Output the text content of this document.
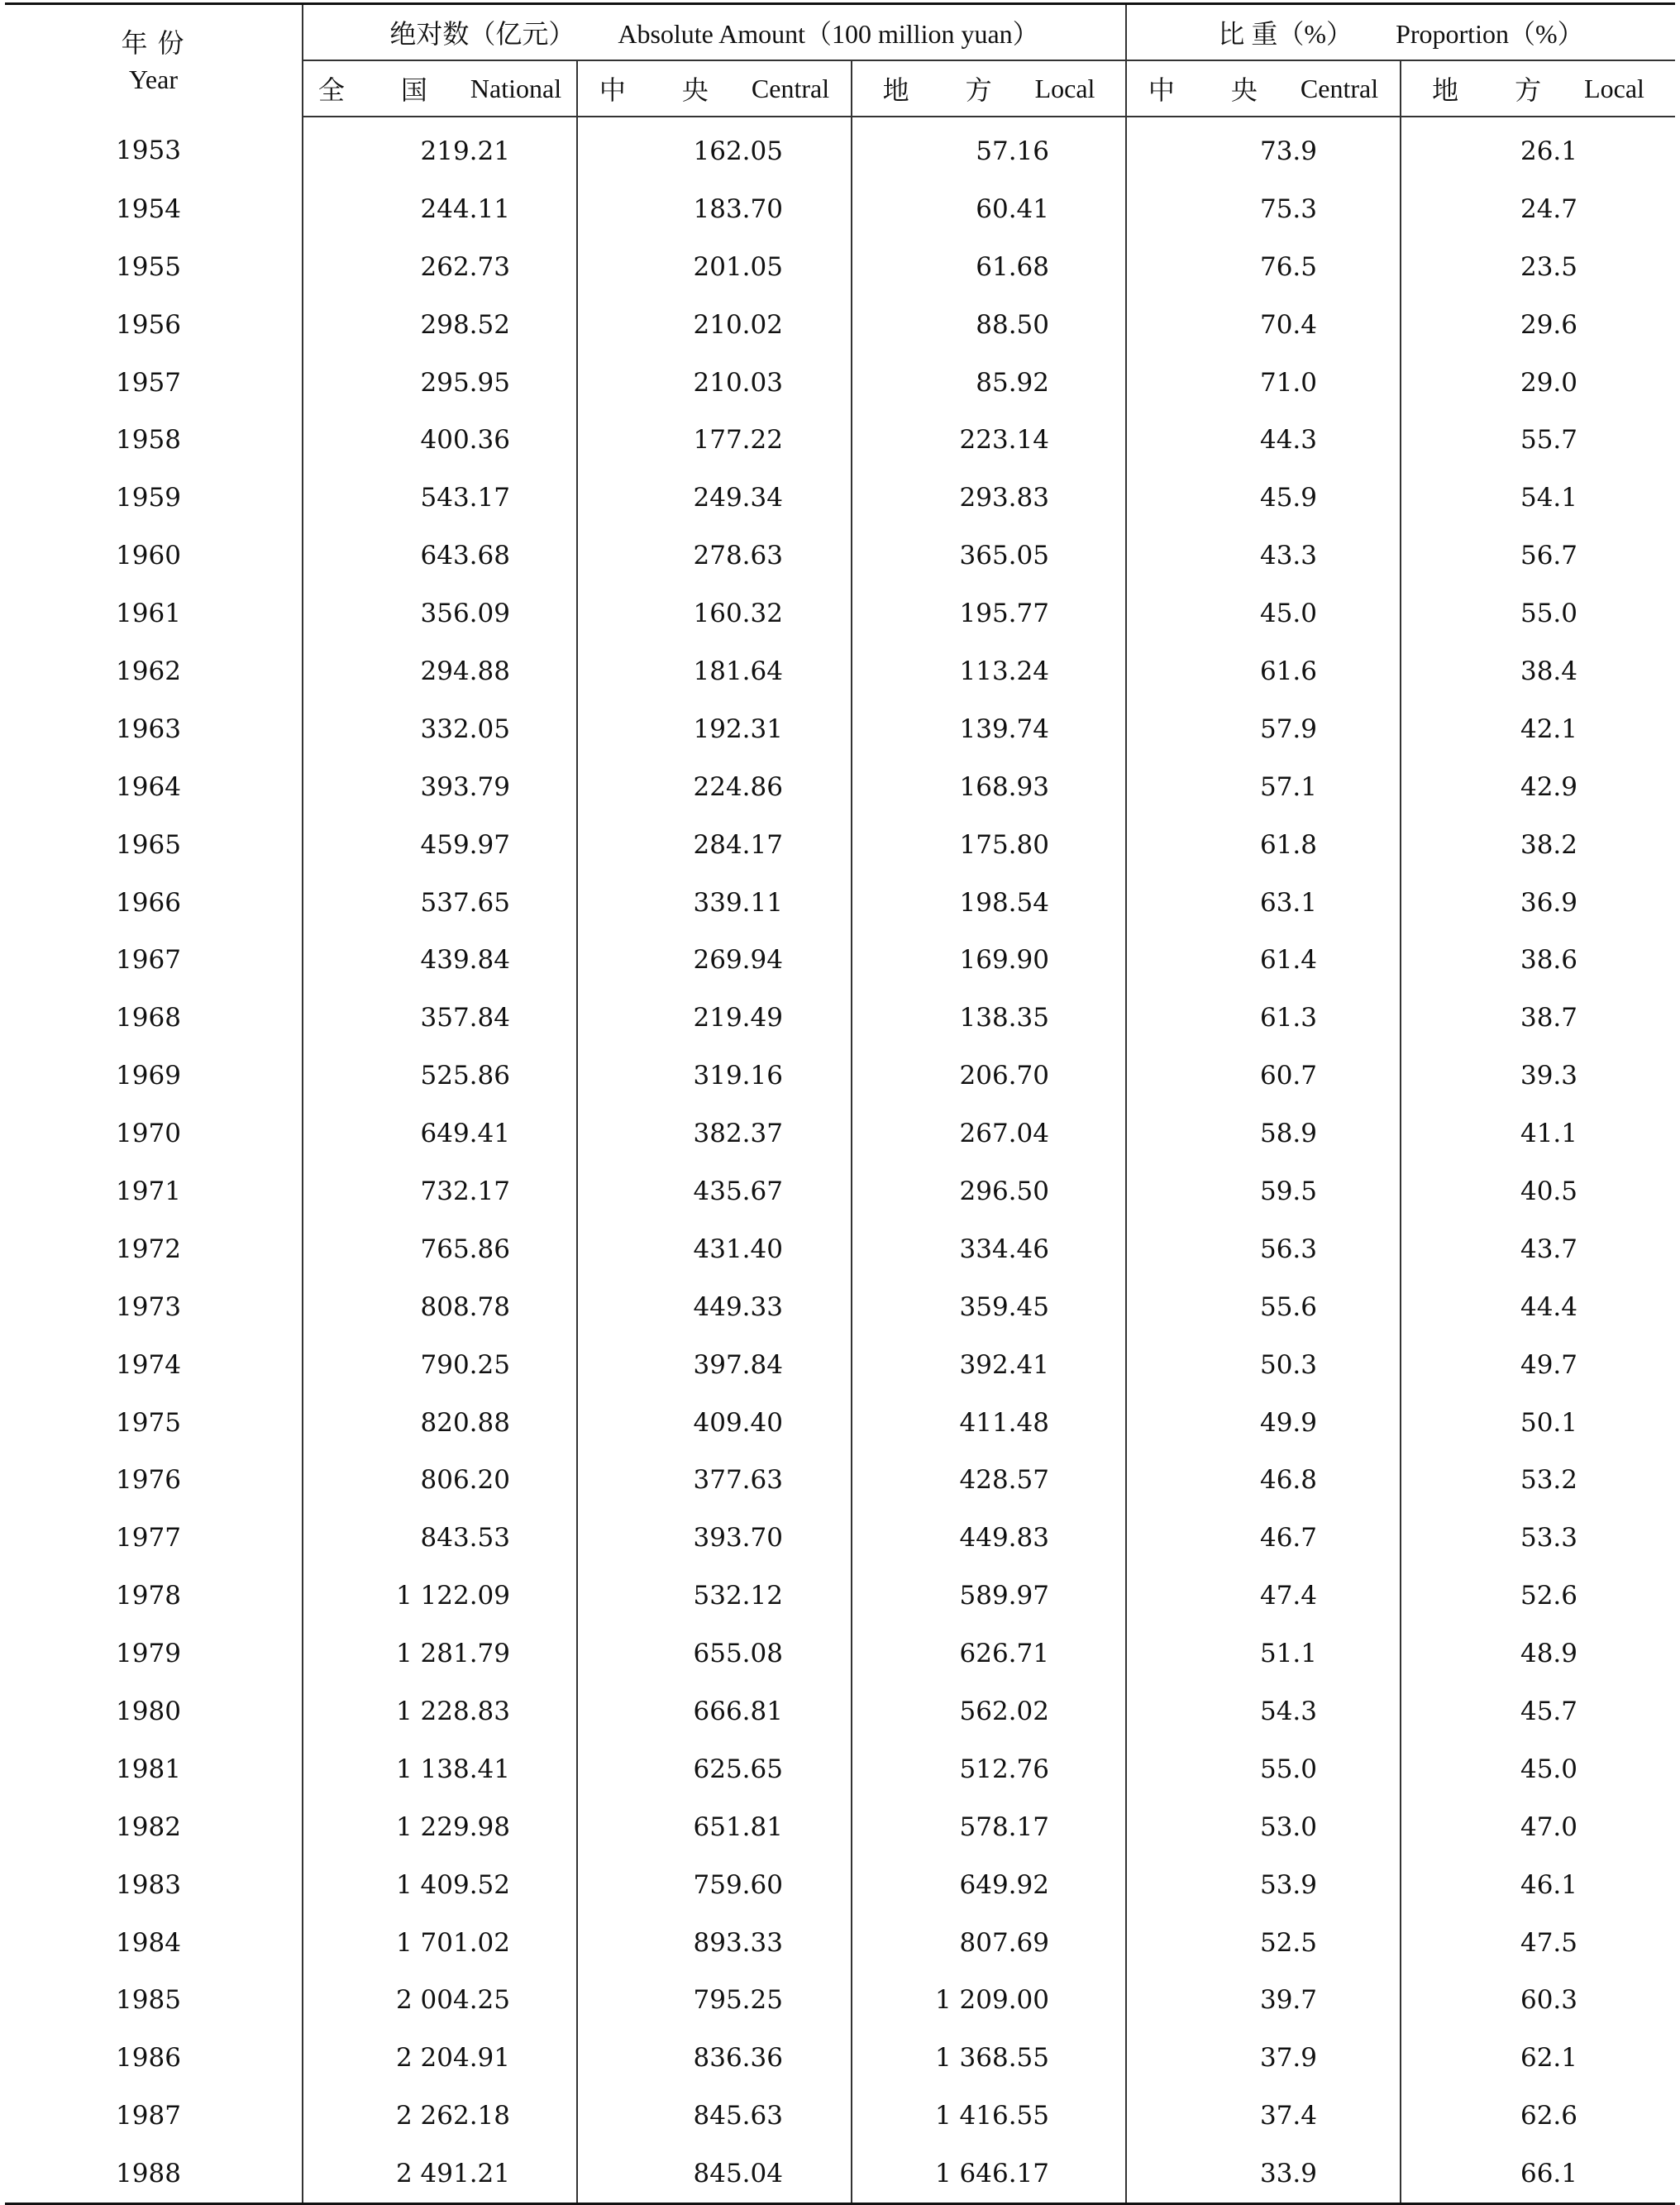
年 份
Year	绝对数（亿元） Absolute Amount（100 million yuan）			比 重（%） Proportion（%）	

	全 国 National	中 央 Central	地 方 Local	中 央 Central	地 方 Local

1953	219.21	162.05	57.16	73.9	26.1
1954	244.11	183.70	60.41	75.3	24.7
1955	262.73	201.05	61.68	76.5	23.5
1956	298.52	210.02	88.50	70.4	29.6
1957	295.95	210.03	85.92	71.0	29.0
1958	400.36	177.22	223.14	44.3	55.7
1959	543.17	249.34	293.83	45.9	54.1
1960	643.68	278.63	365.05	43.3	56.7
1961	356.09	160.32	195.77	45.0	55.0
1962	294.88	181.64	113.24	61.6	38.4
1963	332.05	192.31	139.74	57.9	42.1
1964	393.79	224.86	168.93	57.1	42.9
1965	459.97	284.17	175.80	61.8	38.2
1966	537.65	339.11	198.54	63.1	36.9
1967	439.84	269.94	169.90	61.4	38.6
1968	357.84	219.49	138.35	61.3	38.7
1969	525.86	319.16	206.70	60.7	39.3
1970	649.41	382.37	267.04	58.9	41.1
1971	732.17	435.67	296.50	59.5	40.5
1972	765.86	431.40	334.46	56.3	43.7
1973	808.78	449.33	359.45	55.6	44.4
1974	790.25	397.84	392.41	50.3	49.7
1975	820.88	409.40	411.48	49.9	50.1
1976	806.20	377.63	428.57	46.8	53.2
1977	843.53	393.70	449.83	46.7	53.3
1978	1 122.09	532.12	589.97	47.4	52.6
1979	1 281.79	655.08	626.71	51.1	48.9
1980	1 228.83	666.81	562.02	54.3	45.7
1981	1 138.41	625.65	512.76	55.0	45.0
1982	1 229.98	651.81	578.17	53.0	47.0
1983	1 409.52	759.60	649.92	53.9	46.1
1984	1 701.02	893.33	807.69	52.5	47.5
1985	2 004.25	795.25	1 209.00	39.7	60.3
1986	2 204.91	836.36	1 368.55	37.9	62.1
1987	2 262.18	845.63	1 416.55	37.4	62.6
1988	2 491.21	845.04	1 646.17	33.9	66.1
